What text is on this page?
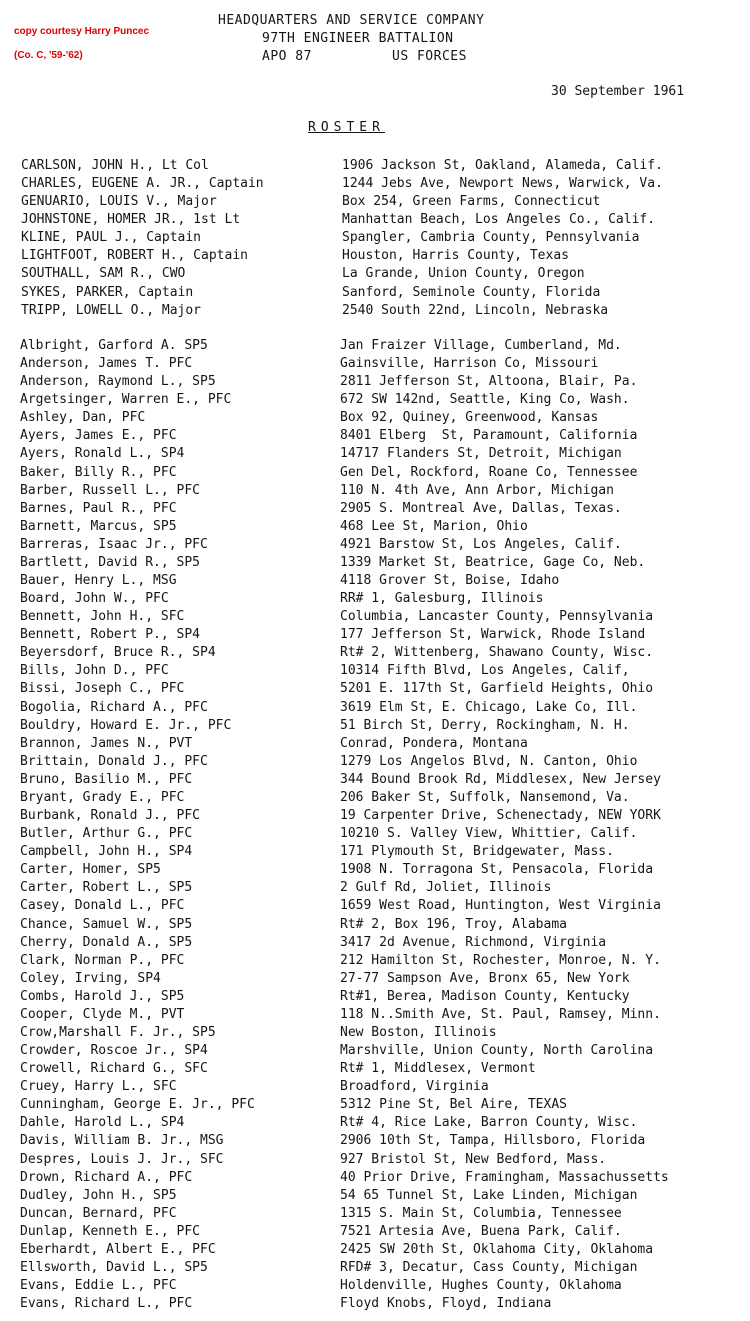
copy courtesy Harry Puncec
(Co. C, '59-'62)
HEADQUARTERS AND SERVICE COMPANY
97TH ENGINEER BATTALION
APO 87	US FORCES
30 September 1961
ROSTER
CARLSON, JOHN H., Lt Col
CHARLES, EUGENE A. JR., Captain
GENUARIO, LOUIS V., Major
JOHNSTONE, HOMER JR., 1st Lt
KLINE, PAUL J., Captain
LIGHTFOOT, ROBERT H., Captain
SOUTHALL, SAM R., CWO
SYKES, PARKER, Captain
TRIPP, LOWELL O., Major
1906 Jackson St, Oakland, Alameda, Calif.
1244 Jebs Ave, Newport News, Warwick, Va.
Box 254, Green Farms, Connecticut
Manhattan Beach, Los Angeles Co., Calif.
Spangler, Cambria County, Pennsylvania
Houston, Harris County, Texas
La Grande, Union County, Oregon
Sanford, Seminole County, Florida
2540 South 22nd, Lincoln, Nebraska
Albright, Garford A. SP5
Anderson, James T. PFC
Anderson, Raymond L., SP5
Argetsinger, Warren E., PFC
Ashley, Dan, PFC
Ayers, James E., PFC
Ayers, Ronald L., SP4
Baker, Billy R., PFC
Barber, Russell L., PFC
Barnes, Paul R., PFC
Barnett, Marcus, SP5
Barreras, Isaac Jr., PFC
Bartlett, David R., SP5
Bauer, Henry L., MSG
Board, John W., PFC
Bennett, John H., SFC
Bennett, Robert P., SP4
Beyersdorf, Bruce R., SP4
Bills, John D., PFC
Bissi, Joseph C., PFC
Bogolia, Richard A., PFC
Bouldry, Howard E. Jr., PFC
Brannon, James N., PVT
Brittain, Donald J., PFC
Bruno, Basilio M., PFC
Bryant, Grady E., PFC
Burbank, Ronald J., PFC
Butler, Arthur G., PFC
Campbell, John H., SP4
Carter, Homer, SP5
Carter, Robert L., SP5
Casey, Donald L., PFC
Chance, Samuel W., SP5
Cherry, Donald A., SP5
Clark, Norman P., PFC
Coley, Irving, SP4
Combs, Harold J., SP5
Cooper, Clyde M., PVT
Crow,Marshall F. Jr., SP5
Crowder, Roscoe Jr., SP4
Crowell, Richard G., SFC
Cruey, Harry L., SFC
Cunningham, George E. Jr., PFC
Dahle, Harold L., SP4
Davis, William B. Jr., MSG
Despres, Louis J. Jr., SFC
Drown, Richard A., PFC
Dudley, John H., SP5
Duncan, Bernard, PFC
Dunlap, Kenneth E., PFC
Eberhardt, Albert E., PFC
Ellsworth, David L., SP5
Evans, Eddie L., PFC
Evans, Richard L., PFC
Jan Fraizer Village, Cumberland, Md.
Gainsville, Harrison Co, Missouri
2811 Jefferson St, Altoona, Blair, Pa.
672 SW 142nd, Seattle, King Co, Wash.
Box 92, Quiney, Greenwood, Kansas
8401 Elberg  St, Paramount, California
14717 Flanders St, Detroit, Michigan
Gen Del, Rockford, Roane Co, Tennessee
110 N. 4th Ave, Ann Arbor, Michigan
2905 S. Montreal Ave, Dallas, Texas.
468 Lee St, Marion, Ohio
4921 Barstow St, Los Angeles, Calif.
1339 Market St, Beatrice, Gage Co, Neb.
4118 Grover St, Boise, Idaho
RR# 1, Galesburg, Illinois
Columbia, Lancaster County, Pennsylvania
177 Jefferson St, Warwick, Rhode Island
Rt# 2, Wittenberg, Shawano County, Wisc.
10314 Fifth Blvd, Los Angeles, Calif,
5201 E. 117th St, Garfield Heights, Ohio
3619 Elm St, E. Chicago, Lake Co, Ill.
51 Birch St, Derry, Rockingham, N. H.
Conrad, Pondera, Montana
1279 Los Angelos Blvd, N. Canton, Ohio
344 Bound Brook Rd, Middlesex, New Jersey
206 Baker St, Suffolk, Nansemond, Va.
19 Carpenter Drive, Schenectady, NEW YORK
10210 S. Valley View, Whittier, Calif.
171 Plymouth St, Bridgewater, Mass.
1908 N. Torragona St, Pensacola, Florida
2 Gulf Rd, Joliet, Illinois
1659 West Road, Huntington, West Virginia
Rt# 2, Box 196, Troy, Alabama
3417 2d Avenue, Richmond, Virginia
212 Hamilton St, Rochester, Monroe, N. Y.
27-77 Sampson Ave, Bronx 65, New York
Rt#1, Berea, Madison County, Kentucky
118 N..Smith Ave, St. Paul, Ramsey, Minn.
New Boston, Illinois
Marshville, Union County, North Carolina
Rt# 1, Middlesex, Vermont
Broadford, Virginia
5312 Pine St, Bel Aire, TEXAS
Rt# 4, Rice Lake, Barron County, Wisc.
2906 10th St, Tampa, Hillsboro, Florida
927 Bristol St, New Bedford, Mass.
40 Prior Drive, Framingham, Massachussetts
54 65 Tunnel St, Lake Linden, Michigan
1315 S. Main St, Columbia, Tennessee
7521 Artesia Ave, Buena Park, Calif.
2425 SW 20th St, Oklahoma City, Oklahoma
RFD# 3, Decatur, Cass County, Michigan
Holdenville, Hughes County, Oklahoma
Floyd Knobs, Floyd, Indiana
